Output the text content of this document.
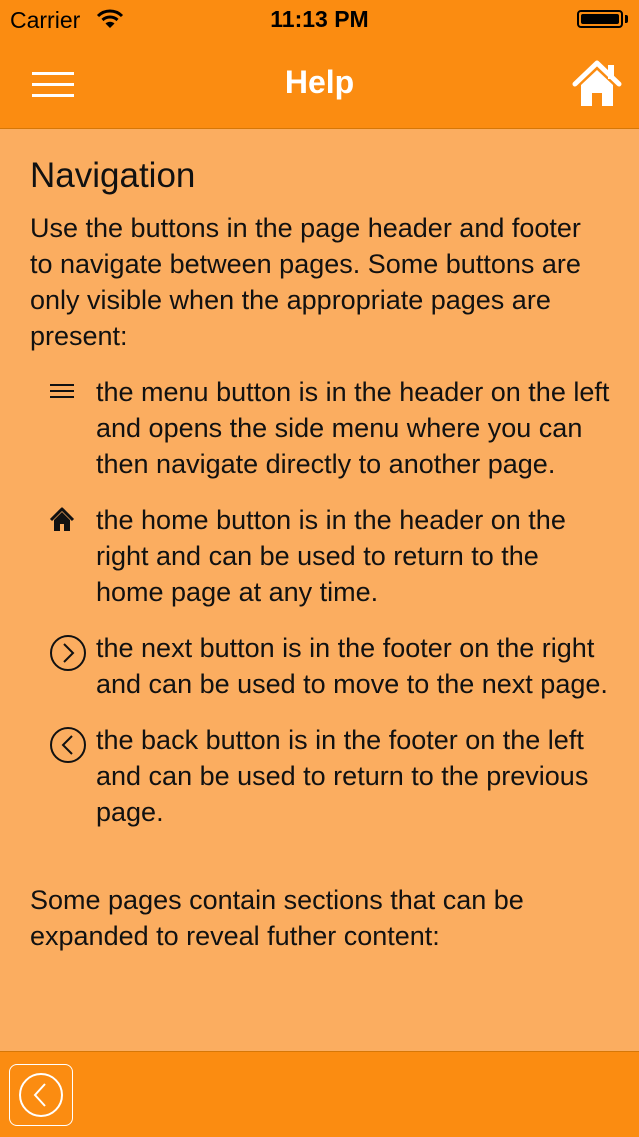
Carrier	11:13 PM
Help
Navigation

Use the buttons in the page header and footer to navigate between pages. Some buttons are only visible when the appropriate pages are present:

the menu button is in the header on the left and opens the side menu where you can then navigate directly to another page.
the home button is in the header on the right and can be used to return to the home page at any time.
the next button is in the footer on the right and can be used to move to the next page.
the back button is in the footer on the left and can be used to return to the previous page.

Some pages contain sections that can be expanded to reveal futher content:
